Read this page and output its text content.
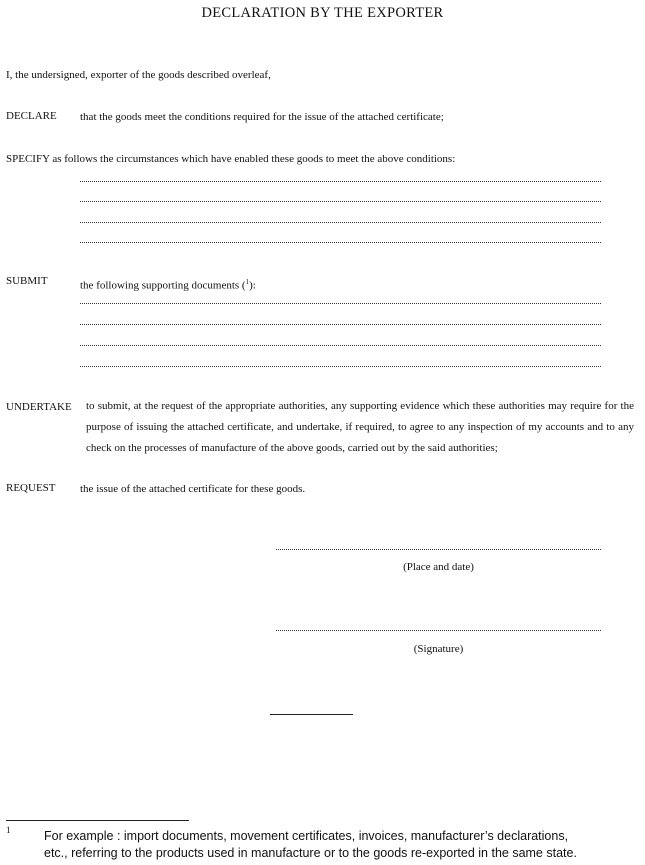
DECLARATION BY THE EXPORTER
I, the undersigned, exporter of the goods described overleaf,
DECLARE that the goods meet the conditions required for the issue of the attached certificate;
SPECIFY as follows the circumstances which have enabled these goods to meet the above conditions:
SUBMIT	the following supporting documents ($^1$):
UNDERTAKE to submit, at the request of the appropriate authorities, any supporting evidence which these authorities may require for the purpose of issuing the attached certificate, and undertake, if required, to agree to any inspection of my accounts and to any check on the processes of manufacture of the above goods, carried out by the said authorities;
REQUEST the issue of the attached certificate for these goods.
(Place and date)
(Signature)
1	For example : import documents, movement certificates, invoices, manufacturer’s declarations,
etc., referring to the products used in manufacture or to the goods re-exported in the same state.
